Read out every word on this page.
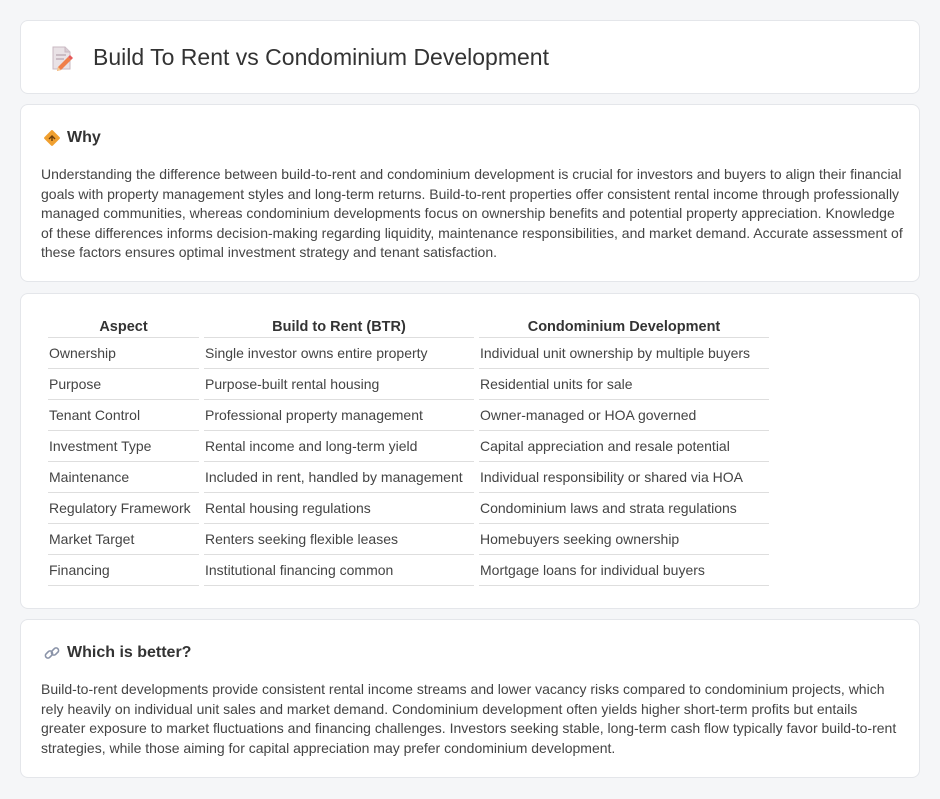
Build To Rent vs Condominium Development
Why

Understanding the difference between build-to-rent and condominium development is crucial for investors and buyers to align their financial goals with property management styles and long-term returns. Build-to-rent properties offer consistent rental income through professionally managed communities, whereas condominium developments focus on ownership benefits and potential property appreciation. Knowledge of these differences informs decision-making regarding liquidity, maintenance responsibilities, and market demand. Accurate assessment of these factors ensures optimal investment strategy and tenant satisfaction.

Aspect	Build to Rent (BTR)	Condominium Development
Ownership	Single investor owns entire property	Individual unit ownership by multiple buyers
Purpose	Purpose-built rental housing	Residential units for sale
Tenant Control	Professional property management	Owner-managed or HOA governed
Investment Type	Rental income and long-term yield	Capital appreciation and resale potential
Maintenance	Included in rent, handled by management	Individual responsibility or shared via HOA
Regulatory Framework	Rental housing regulations	Condominium laws and strata regulations
Market Target	Renters seeking flexible leases	Homebuyers seeking ownership
Financing	Institutional financing common	Mortgage loans for individual buyers
Which is better?

Build-to-rent developments provide consistent rental income streams and lower vacancy risks compared to condominium projects, which rely heavily on individual unit sales and market demand. Condominium development often yields higher short-term profits but entails greater exposure to market fluctuations and financing challenges. Investors seeking stable, long-term cash flow typically favor build-to-rent strategies, while those aiming for capital appreciation may prefer condominium development.
